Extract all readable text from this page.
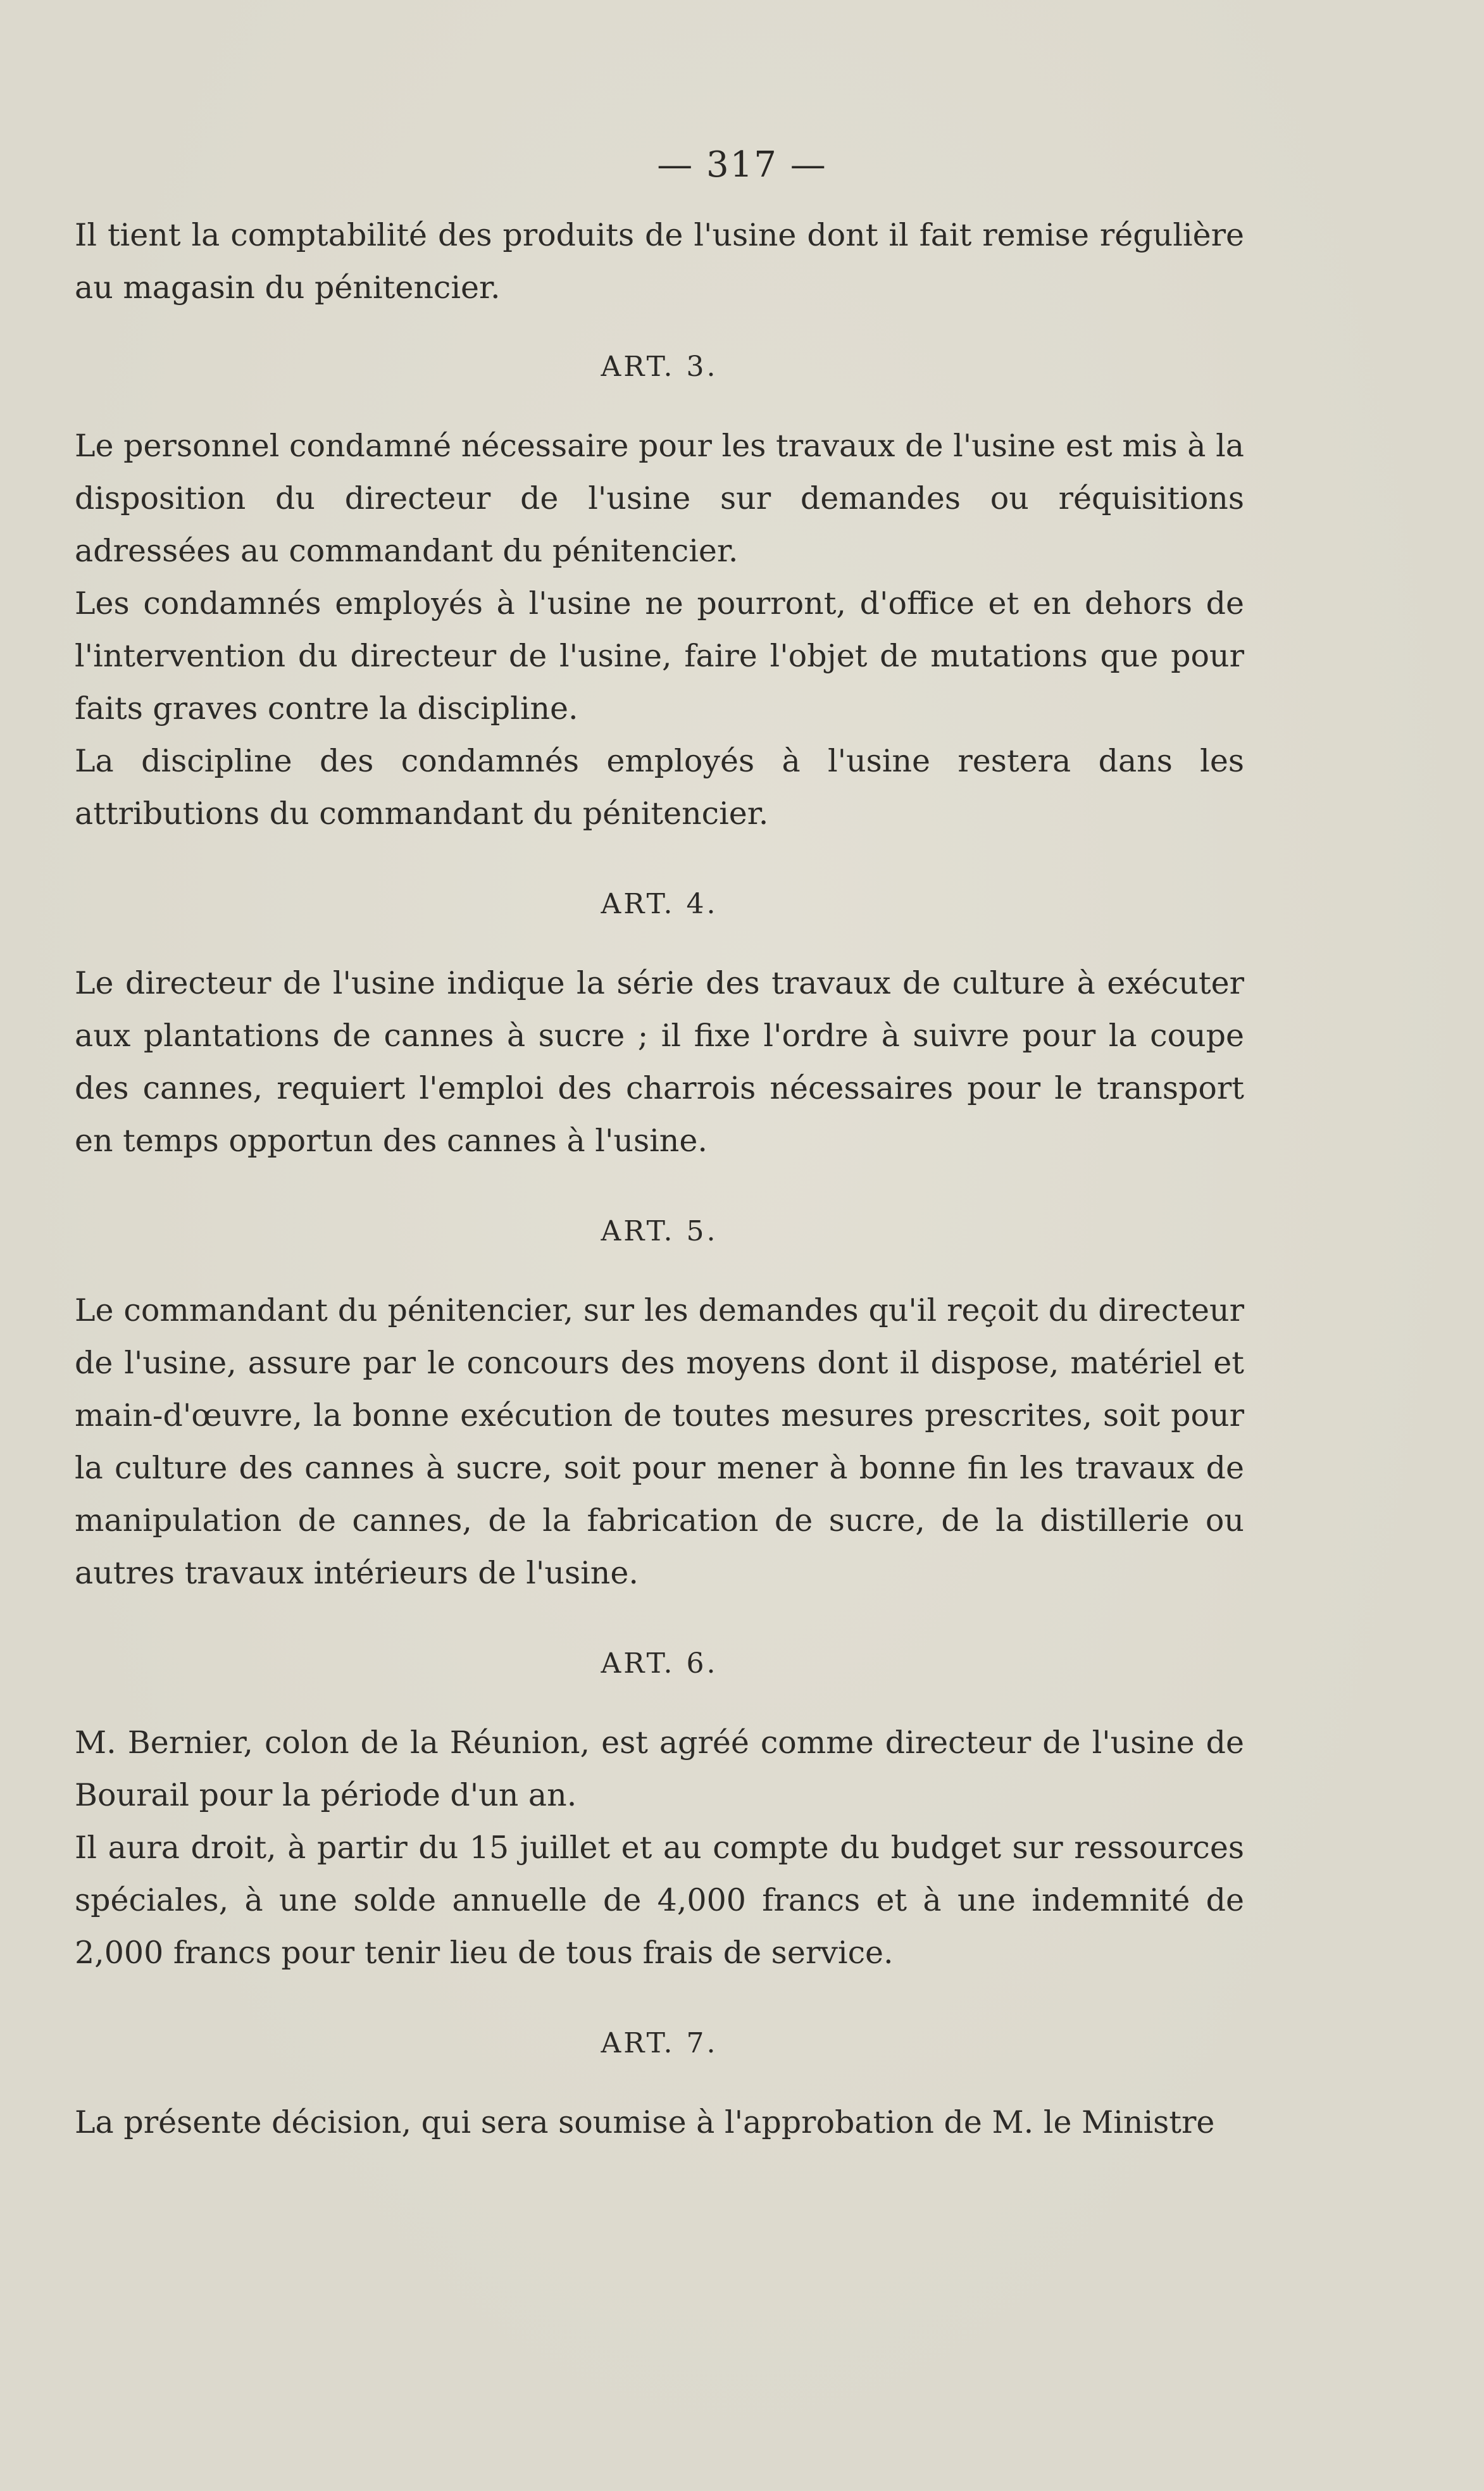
— 317 —

Il tient la comptabilité des produits de l'usine dont il fait remise régulière au magasin du pénitencier.

ART. 3.

Le personnel condamné nécessaire pour les travaux de l'usine est mis à la disposition du directeur de l'usine sur demandes ou réquisitions adressées au commandant du pénitencier.

Les condamnés employés à l'usine ne pourront, d'office et en dehors de l'intervention du directeur de l'usine, faire l'objet de mutations que pour faits graves contre la discipline.

La discipline des condamnés employés à l'usine restera dans les attributions du commandant du pénitencier.

ART. 4.

Le directeur de l'usine indique la série des travaux de culture à exécuter aux plantations de cannes à sucre ; il fixe l'ordre à suivre pour la coupe des cannes, requiert l'emploi des charrois nécessaires pour le transport en temps opportun des cannes à l'usine.

ART. 5.

Le commandant du pénitencier, sur les demandes qu'il reçoit du directeur de l'usine, assure par le concours des moyens dont il dispose, matériel et main-d'œuvre, la bonne exécution de toutes mesures prescrites, soit pour la culture des cannes à sucre, soit pour mener à bonne fin les travaux de manipulation de cannes, de la fabrication de sucre, de la distillerie ou autres travaux intérieurs de l'usine.

ART. 6.

M. Bernier, colon de la Réunion, est agréé comme directeur de l'usine de Bourail pour la période d'un an.

Il aura droit, à partir du 15 juillet et au compte du budget sur ressources spéciales, à une solde annuelle de 4,000 francs et à une indemnité de 2,000 francs pour tenir lieu de tous frais de service.

ART. 7.

La présente décision, qui sera soumise à l'approbation de M. le Ministre
